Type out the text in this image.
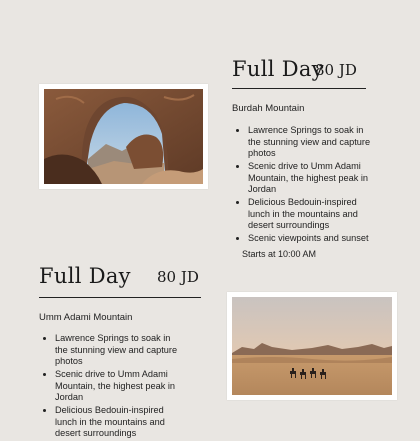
Full Day
80 JD

Burdah Mountain

• Lawrence Springs to soak in the stunning view and capture photos
• Scenic drive to Umm Adami Mountain, the highest peak in Jordan
• Delicious Bedouin-inspired lunch in the mountains and desert surroundings
• Scenic viewpoints and sunset

Starts at 10:00 AM

Full Day 80 JD

Umm Adami Mountain

• Lawrence Springs to soak in the stunning view and capture photos
• Scenic drive to Umm Adami Mountain, the highest peak in Jordan
• Delicious Bedouin-inspired lunch in the mountains and desert surroundings
